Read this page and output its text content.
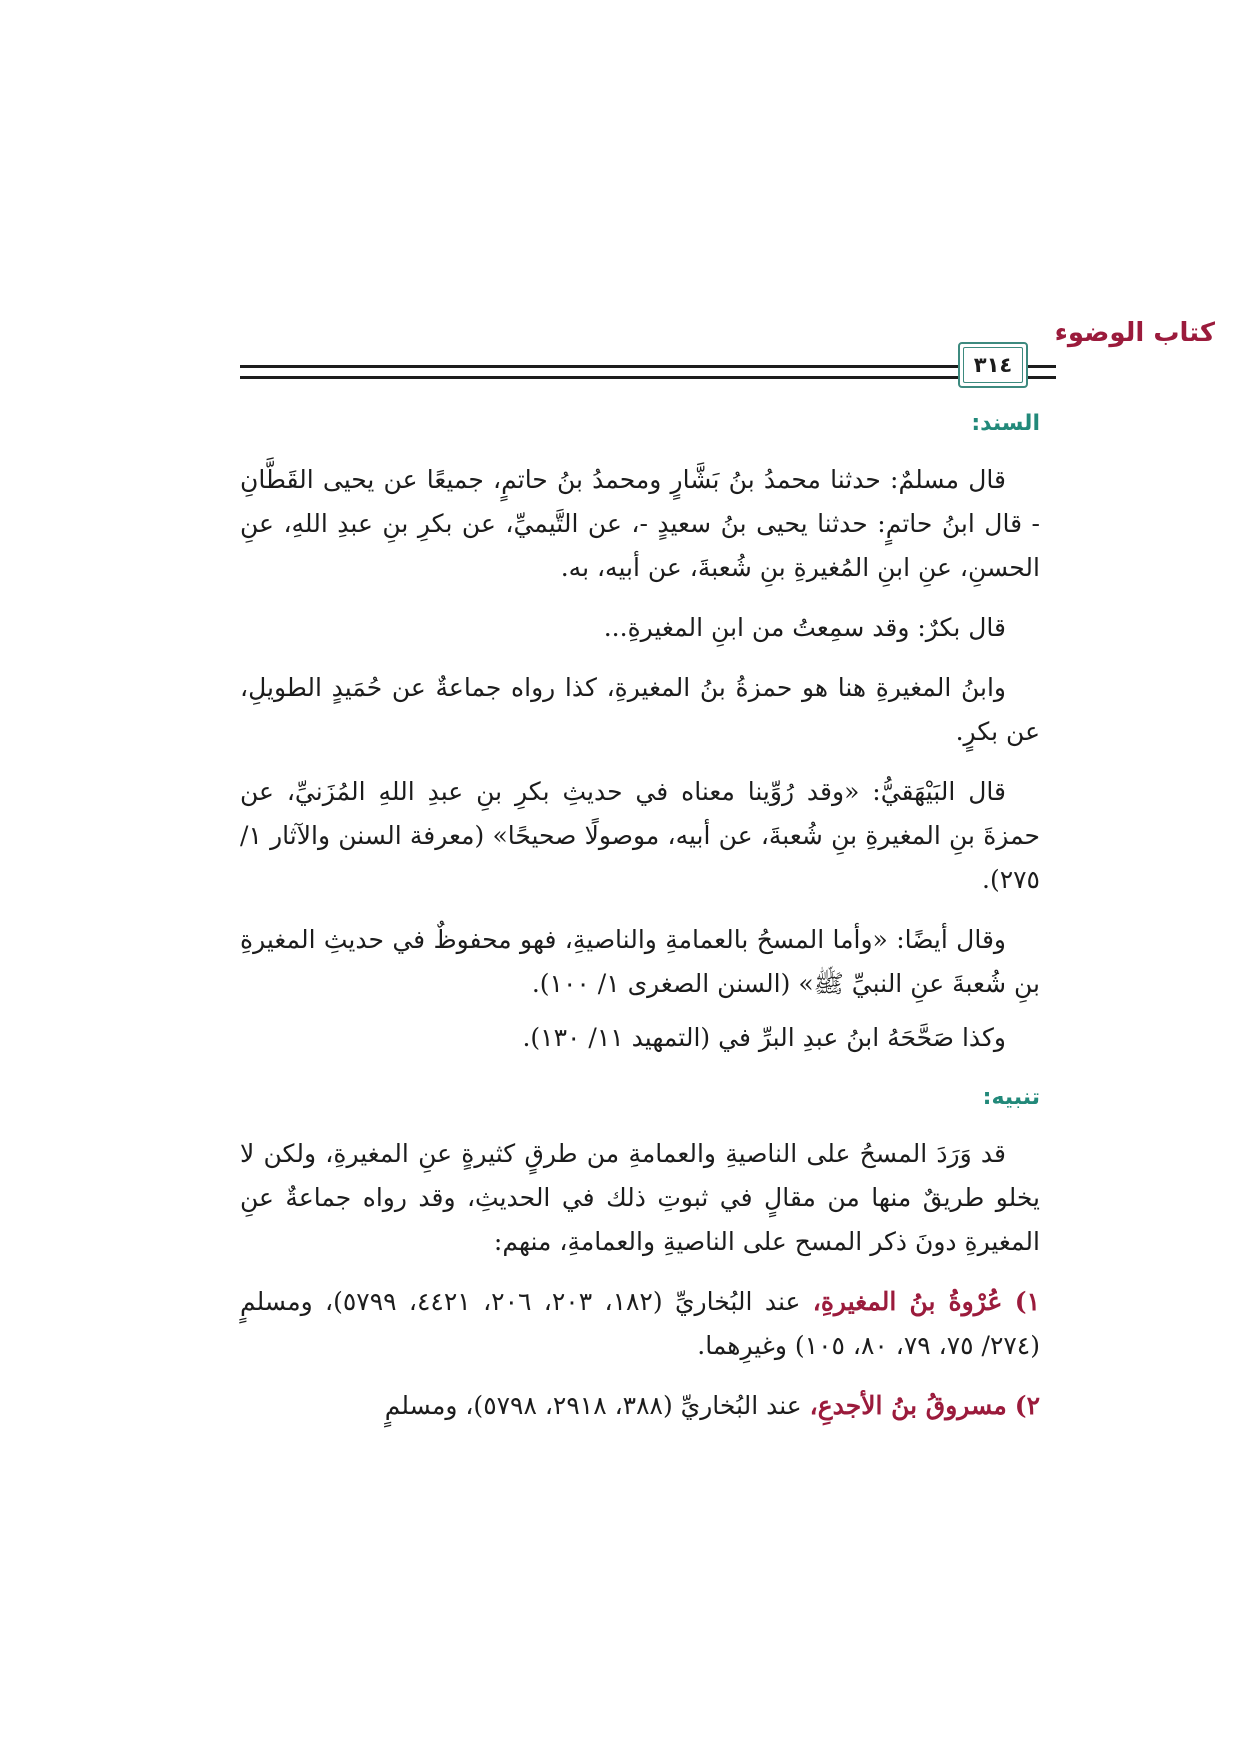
كتاب الوضوء
٣١٤
السند:

قال مسلمٌ: حدثنا محمدُ بنُ بَشَّارٍ ومحمدُ بنُ حاتمٍ، جميعًا عن يحيى القَطَّانِ - قال ابنُ حاتمٍ: حدثنا يحيى بنُ سعيدٍ -، عن التَّيميِّ، عن بكرِ بنِ عبدِ اللهِ، عنِ الحسنِ، عنِ ابنِ المُغيرةِ بنِ شُعبةَ، عن أبيه، به.

قال بكرٌ: وقد سمِعتُ من ابنِ المغيرةِ...

وابنُ المغيرةِ هنا هو حمزةُ بنُ المغيرةِ، كذا رواه جماعةٌ عن حُمَيدٍ الطويلِ، عن بكرٍ.

قال البَيْهَقيُّ: «وقد رُوِّينا معناه في حديثِ بكرِ بنِ عبدِ اللهِ المُزَنيِّ، عن حمزةَ بنِ المغيرةِ بنِ شُعبةَ، عن أبيه، موصولًا صحيحًا» (معرفة السنن والآثار ١/ ٢٧٥).

وقال أيضًا: «وأما المسحُ بالعمامةِ والناصيةِ، فهو محفوظٌ في حديثِ المغيرةِ بنِ شُعبةَ عنِ النبيِّ ﷺ» (السنن الصغرى ١/ ١٠٠).

وكذا صَحَّحَهُ ابنُ عبدِ البرِّ في (التمهيد ١١/ ١٣٠).

تنبيه:

قد وَرَدَ المسحُ على الناصيةِ والعمامةِ من طرقٍ كثيرةٍ عنِ المغيرةِ، ولكن لا يخلو طريقٌ منها من مقالٍ في ثبوتِ ذلك في الحديثِ، وقد رواه جماعةٌ عنِ المغيرةِ دونَ ذكر المسح على الناصيةِ والعمامةِ، منهم:

١) عُرْوةُ بنُ المغيرةِ، عند البُخاريِّ (١٨٢، ٢٠٣، ٢٠٦، ٤٤٢١، ٥٧٩٩)، ومسلمٍ (٢٧٤/ ٧٥، ٧٩، ٨٠، ١٠٥) وغيرِهما.

٢) مسروقُ بنُ الأجدعِ، عند البُخاريِّ (٣٨٨، ٢٩١٨، ٥٧٩٨)، ومسلمٍ
